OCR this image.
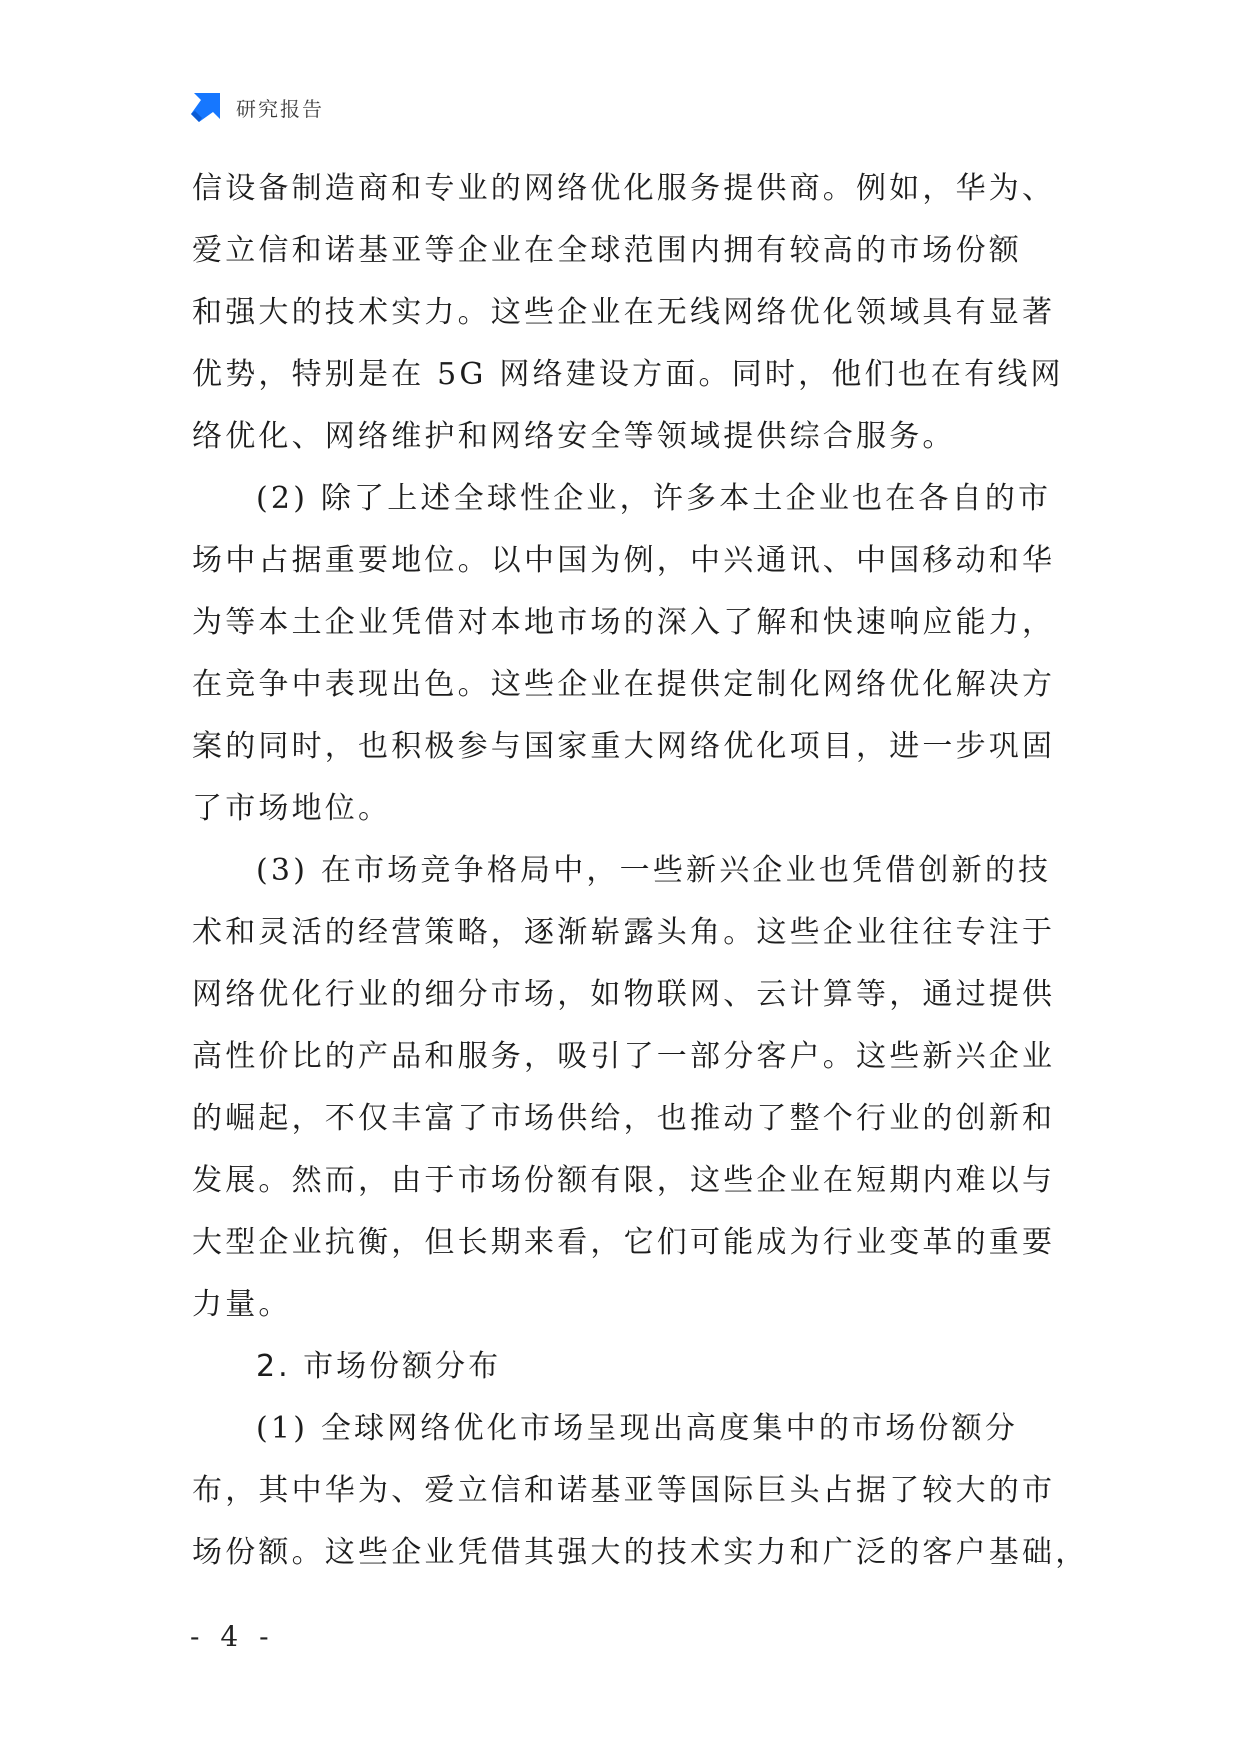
研究报告
信设备制造商和专业的网络优化服务提供商。例如，华为、
爱立信和诺基亚等企业在全球范围内拥有较高的市场份额
和强大的技术实力。这些企业在无线网络优化领域具有显著
优势，特别是在 5G 网络建设方面。同时，他们也在有线网
络优化、网络维护和网络安全等领域提供综合服务。
(2) 除了上述全球性企业，许多本土企业也在各自的市
场中占据重要地位。以中国为例，中兴通讯、中国移动和华
为等本土企业凭借对本地市场的深入了解和快速响应能力，
在竞争中表现出色。这些企业在提供定制化网络优化解决方
案的同时，也积极参与国家重大网络优化项目，进一步巩固
了市场地位。
(3) 在市场竞争格局中，一些新兴企业也凭借创新的技
术和灵活的经营策略，逐渐崭露头角。这些企业往往专注于
网络优化行业的细分市场，如物联网、云计算等，通过提供
高性价比的产品和服务，吸引了一部分客户。这些新兴企业
的崛起，不仅丰富了市场供给，也推动了整个行业的创新和
发展。然而，由于市场份额有限，这些企业在短期内难以与
大型企业抗衡，但长期来看，它们可能成为行业变革的重要
力量。
2. 市场份额分布
(1) 全球网络优化市场呈现出高度集中的市场份额分
布，其中华为、爱立信和诺基亚等国际巨头占据了较大的市
场份额。这些企业凭借其强大的技术实力和广泛的客户基础，
- 4 -
